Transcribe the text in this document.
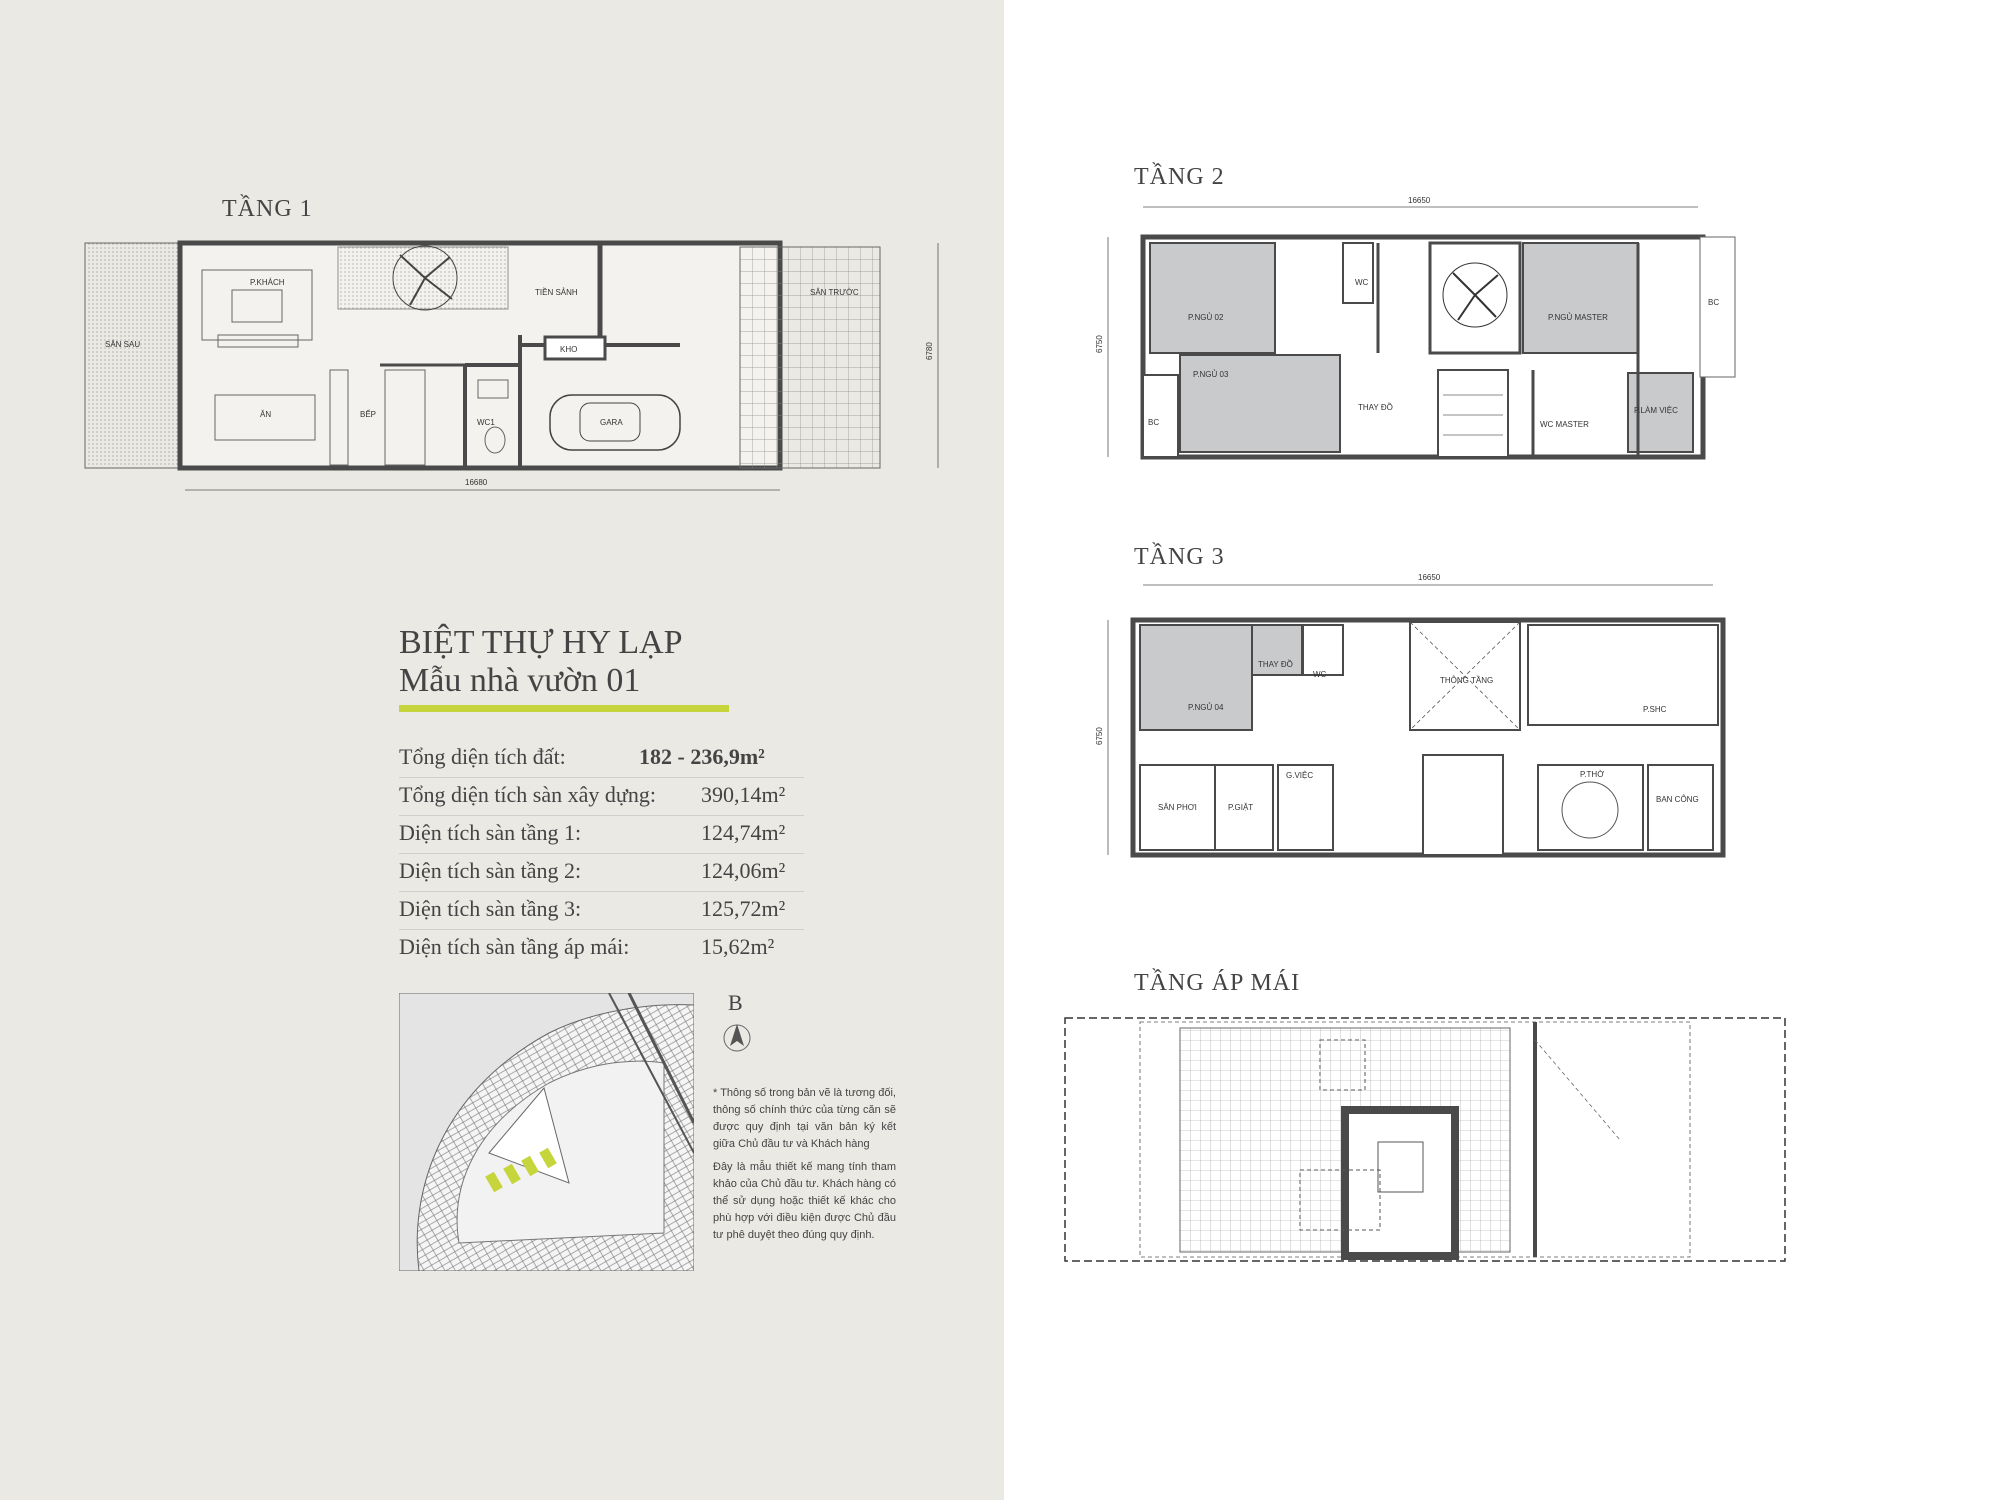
TẦNG 1
P.KHÁCH
TIỀN SẢNH	SÂN TRƯỚC
SÂN SAU
ĂN	BẾP
WC1
KHO
GARA
16680
6780
TẦNG 2
16650
6750
P.NGỦ 02
WC
P.NGỦ MASTER
BC
P.NGỦ 03
THAY ĐỒ
BC	WC MASTER
P.LÀM VIỆC
TẦNG 3
16650
6750
P.NGỦ 04
THAY ĐỒ
WC
THÔNG TẦNG
P.SHC
SÂN PHƠI	P.GIẶT
G.VIỆC	P.THỜ
BAN CÔNG
TẦNG ÁP MÁI
BIỆT THỰ HY LẠP
Mẫu nhà vườn 01
Tổng diện tích đất:	182 - 236,9m²
Tổng diện tích sàn xây dựng: 390,14m²
Diện tích sàn tầng 1:	124,74m²
Diện tích sàn tầng 2:	124,06m²
Diện tích sàn tầng 3:	125,72m²
Diện tích sàn tầng áp mái:	15,62m²
B

* Thông số trong bản vẽ là tương đối, thông số chính thức của từng căn sẽ được quy định tại văn bản ký kết giữa Chủ đầu tư và Khách hàng

Đây là mẫu thiết kế mang tính tham khảo của Chủ đầu tư. Khách hàng có thể sử dụng hoặc thiết kế khác cho phù hợp với điều kiện được Chủ đầu tư phê duyệt theo đúng quy định.
